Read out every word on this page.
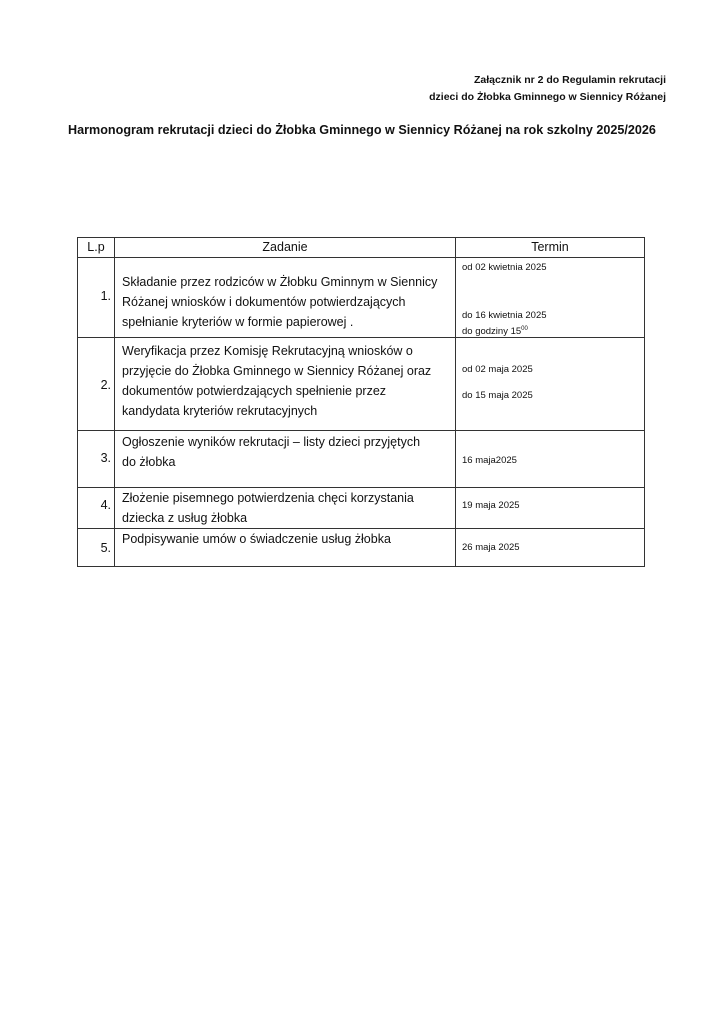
Załącznik nr 2 do Regulamin rekrutacji
dzieci do Żłobka Gminnego w Siennicy Różanej
Harmonogram rekrutacji dzieci do Żłobka Gminnego w Siennicy Różanej na rok szkolny 2025/2026
L.p	Zadanie	Termin

1.	Składanie przez rodziców w Żłobku Gminnym w Siennicy
Różanej wniosków i dokumentów potwierdzających
spełnianie kryteriów w formie papierowej .	od 02 kwietnia 2025
do 16 kwietnia 2025
do godziny $15^{00}$

2.	Weryfikacja przez Komisję Rekrutacyjną wniosków o
przyjęcie do Żłobka Gminnego w Siennicy Różanej oraz
dokumentów potwierdzających spełnienie przez
kandydata kryteriów rekrutacyjnych	od 02 maja 2025
do 15 maja 2025

3.	Ogłoszenie wyników rekrutacji – listy dzieci przyjętych
do żłobka	16 maja2025

4.	Złożenie pisemnego potwierdzenia chęci korzystania
dziecka z usług żłobka	19 maja 2025

5.	Podpisywanie umów o świadczenie usług żłobka	26 maja 2025
